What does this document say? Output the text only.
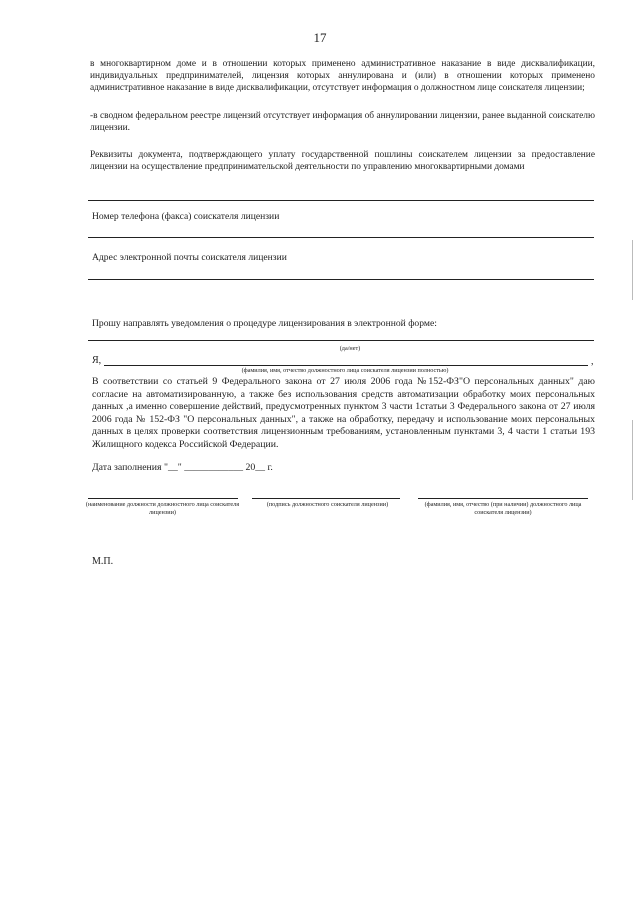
17
в многоквартирном доме и в отношении которых применено административное наказание в виде дисквалификации, индивидуальных предпринимателей, лицензия которых аннулирована и (или) в отношении которых применено административное наказание в виде дисквалификации, отсутствует информация о должностном лице соискателя лицензии;
-в сводном федеральном реестре лицензий отсутствует информация об аннулировании лицензии, ранее выданной соискателю лицензии.
Реквизиты документа, подтверждающего уплату государственной пошлины соискателем лицензии за предоставление лицензии на осуществление предпринимательской деятельности по управлению многоквартирными домами
Номер телефона (факса) соискателя лицензии
Адрес электронной почты соискателя лицензии
Прошу направлять уведомления о процедуре лицензирования в электронной форме:
(да/нет)
Я,	,
(фамилия, имя, отчество должностного лица соискателя лицензии полностью)
В соответствии со статьей 9 Федерального закона от 27 июля 2006 года №152-ФЗ"О персональных данных" даю согласие на автоматизированную, а также без использования средств автоматизации обработку моих персональных данных ,а именно совершение действий, предусмотренных пунктом 3 части 1статьи 3 Федерального закона от 27 июля 2006 года № 152-ФЗ "О персональных данных", а также на обработку, передачу и использование моих персональных данных в целях проверки соответствия лицензионным требованиям, установленным пунктами 3, 4 части 1 статьи 193 Жилищного кодекса Российской Федерации.
Дата заполнения "__" ____________ 20__ г.
(наименование должности должностного лица соискателя лицензии)
(подпись должностного соискателя лицензии)	(фамилия, имя, отчество (при наличии) должностного лица соискателя лицензии)
М.П.
